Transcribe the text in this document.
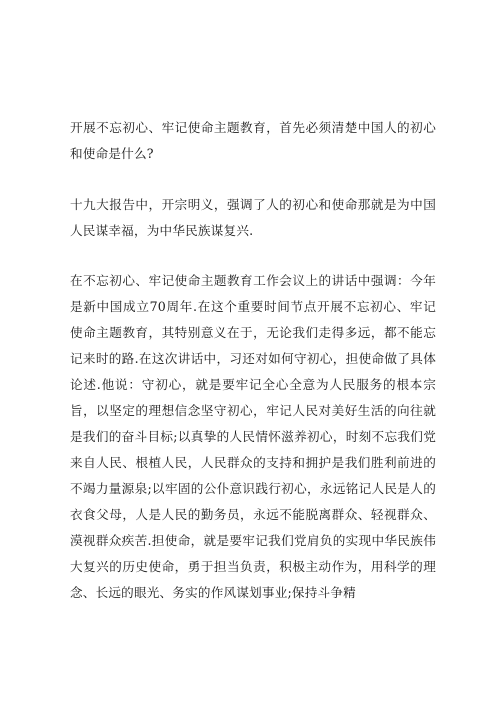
开展不忘初心、牢记使命主题教育，首先必须清楚中国人的初心和使命是什么?

十九大报告中，开宗明义，强调了人的初心和使命那就是为中国人民谋幸福，为中华民族谋复兴.

在不忘初心、牢记使命主题教育工作会议上的讲话中强调：今年是新中国成立70周年.在这个重要时间节点开展不忘初心、牢记使命主题教育，其特别意义在于，无论我们走得多远，都不能忘记来时的路.在这次讲话中，习还对如何守初心，担使命做了具体论述.他说：守初心，就是要牢记全心全意为人民服务的根本宗旨，以坚定的理想信念坚守初心，牢记人民对美好生活的向往就是我们的奋斗目标;以真挚的人民情怀滋养初心，时刻不忘我们党来自人民、根植人民，人民群众的支持和拥护是我们胜利前进的不竭力量源泉;以牢固的公仆意识践行初心，永远铭记人民是人的衣食父母，人是人民的勤务员，永远不能脱离群众、轻视群众、漠视群众疾苦.担使命，就是要牢记我们党肩负的实现中华民族伟大复兴的历史使命，勇于担当负责，积极主动作为，用科学的理念、长远的眼光、务实的作风谋划事业;保持斗争精
